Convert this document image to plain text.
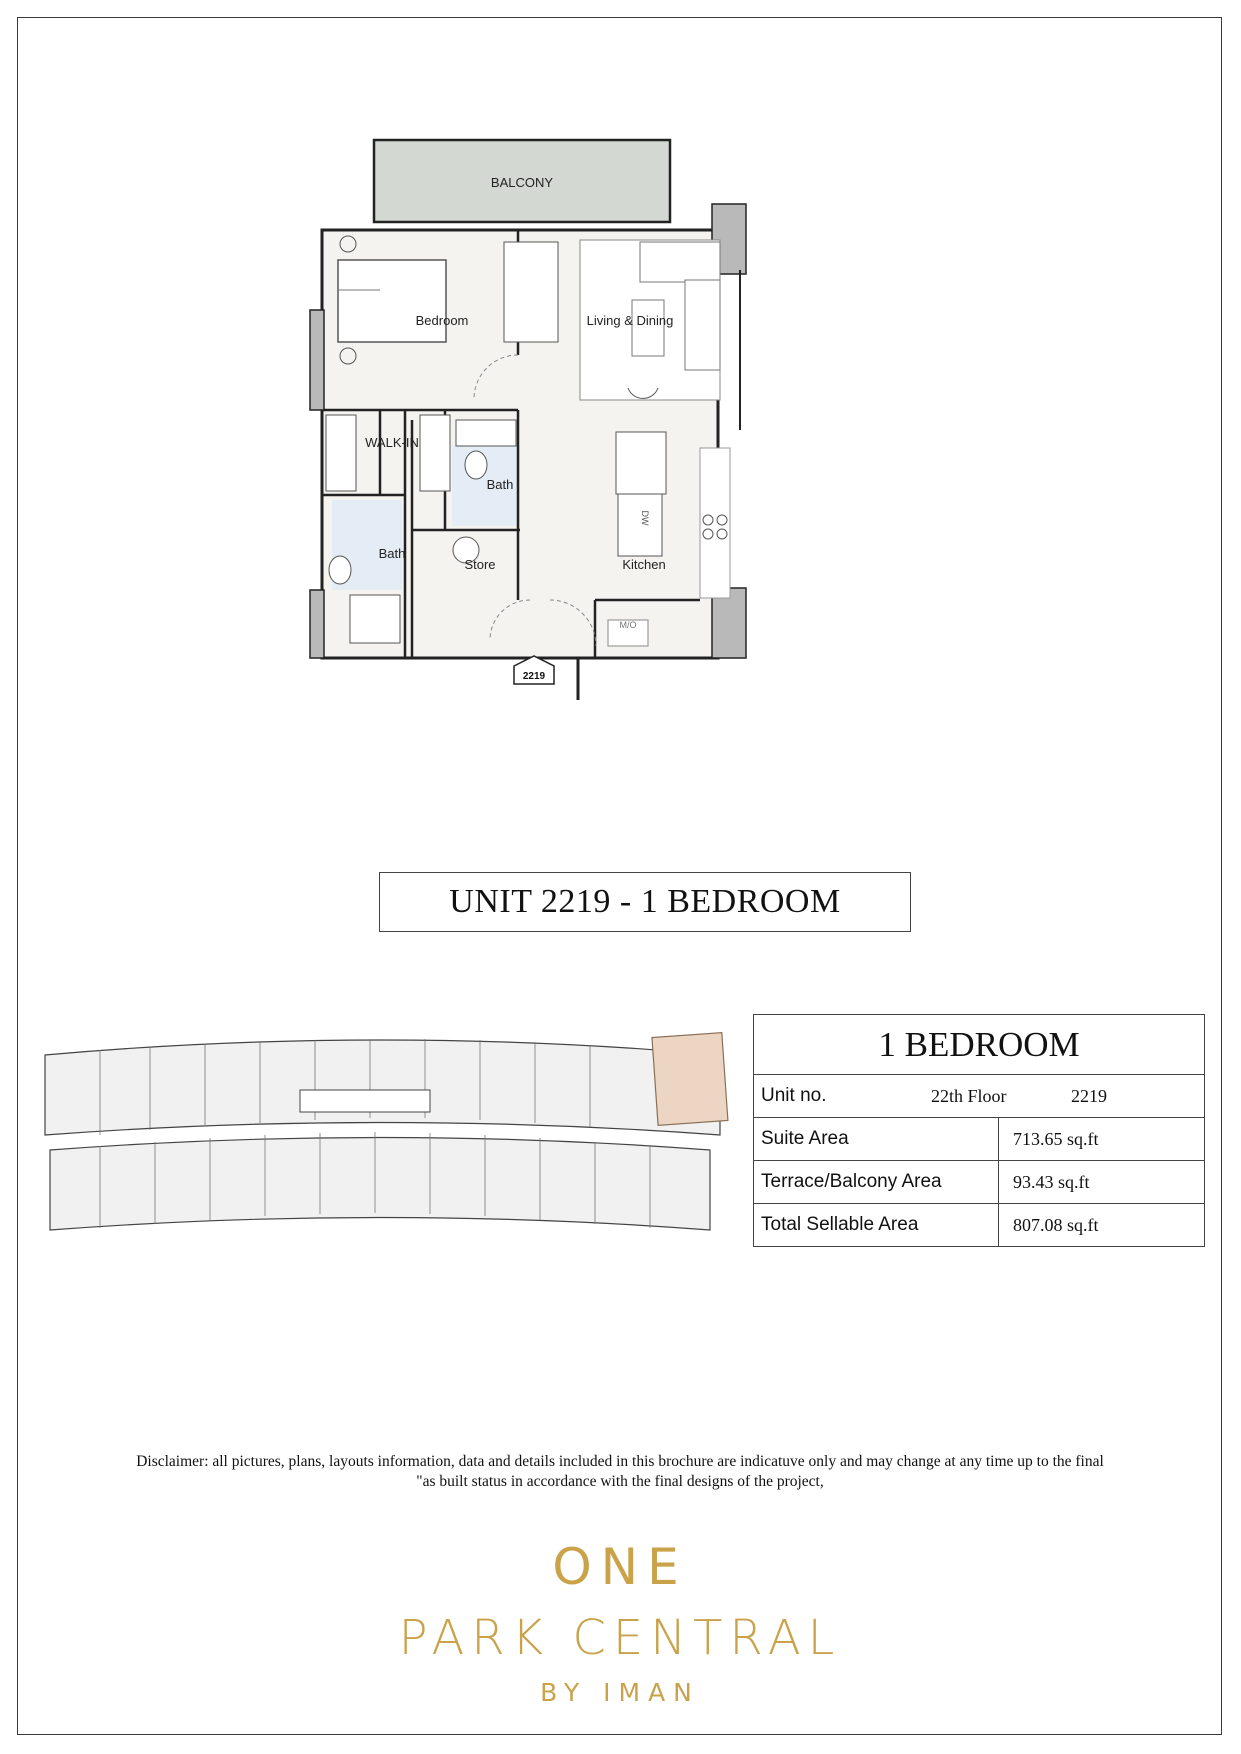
BALCONY
Bedroom	Living & Dining
WALK-IN
Bath
Bath
Store	Kitchen
DW
M/O
2219
UNIT 2219 - 1 BEDROOM
1 BEDROOM	

Unit no. 22th Floor 2219	

Suite Area	713.65 sq.ft
Terrace/Balcony Area	93.43 sq.ft
Total Sellable Area	807.08 sq.ft
Disclaimer: all pictures, plans, layouts information, data and details included in this brochure are indicatuve only and may change at any time up to the final
"as built status in accordance with the final designs of the project,
ONE
PARK CENTRAL
BY IMAN
